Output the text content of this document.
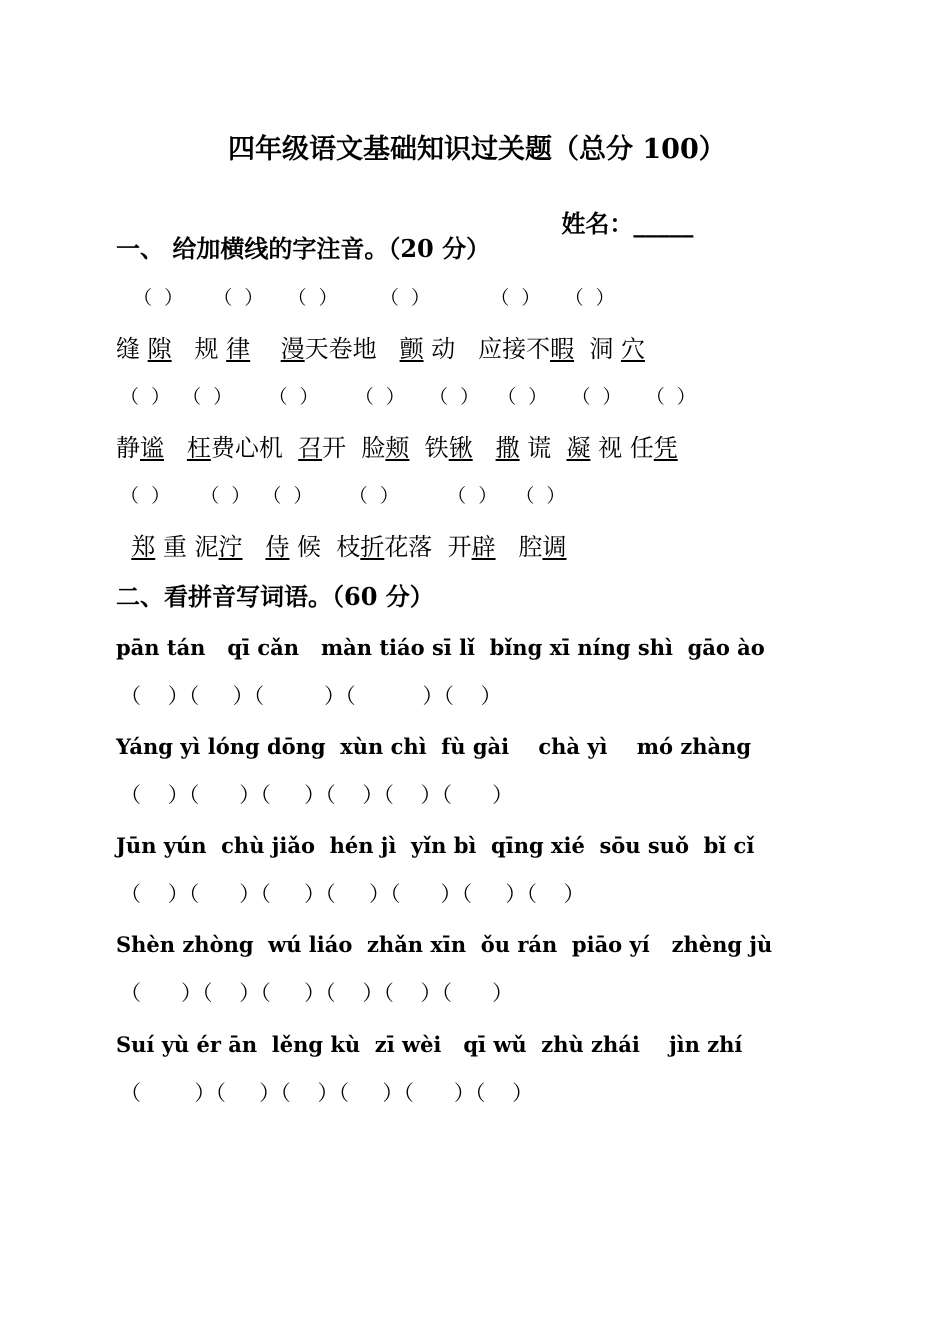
四年级语文基础知识过关题（总分 100）

姓名：_____

一、 给加横线的字注音。（20 分）
（  ）     （  ）    （  ）       （  ）          （  ）    （  ）
缝 隙   规 律 漫天卷地   颤 动   应接不暇  洞 穴
（  ）  （  ）      （  ）      （  ）    （  ）   （  ）    （  ）    （  ）
静谧 枉费心机  召开  脸颊  铁锹 撒 谎  凝 视 任凭
（  ）     （  ）  （  ）      （  ）        （  ）   （  ）
郑 重 泥泞 侍 候  枝折花落  开辟   腔调
二、看拼音写词语。（60 分）
pān tán   qī cǎn   màn tiáo sī lǐ  bǐng xī níng shì  gāo ào
（    ）（     ）（         ）（          ）（    ）
Yáng yì lóng dōng  xùn chì  fù gài    chà yì    mó zhàng
（    ）（      ）（     ）（    ）（    ）（      ）
Jūn yún  chù jiǎo  hén jì  yǐn bì  qīng xié  sōu suǒ  bǐ cǐ
（    ）（      ）（     ）（     ）（      ）（     ）（    ）
Shèn zhòng  wú liáo  zhǎn xīn  ǒu rán  piāo yí   zhèng jù
（      ）（    ）（     ）（    ）（    ）（      ）
Suí yù ér ān  lěng kù  zī wèi   qī wǔ  zhù zhái    jìn zhí
（        ）（     ）（    ）（     ）（      ）（    ）
